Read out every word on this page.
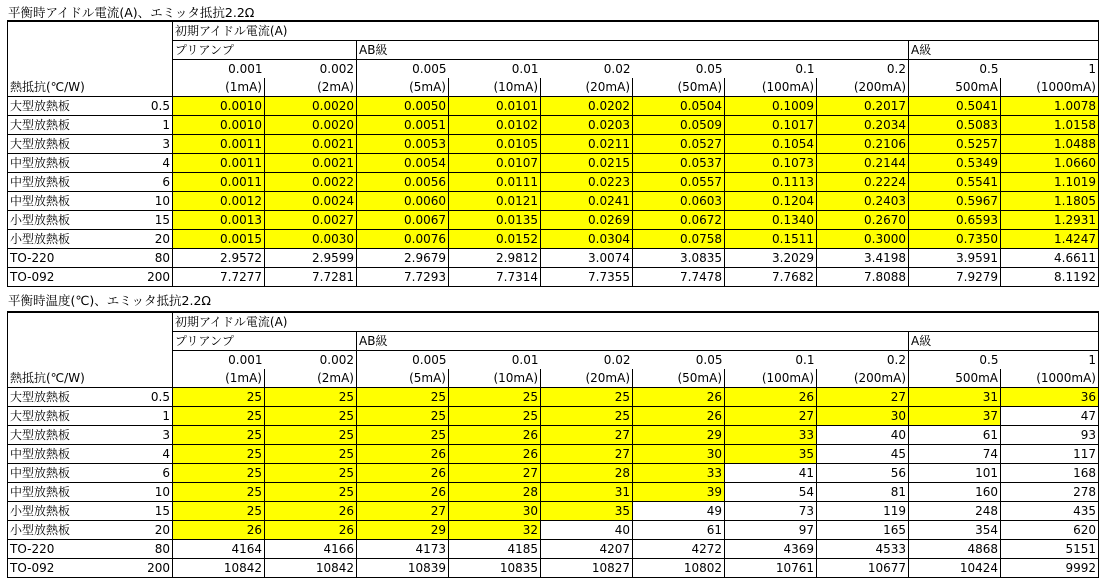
平衡時アイドル電流(A)、エミッタ抵抗2.2Ω
		初期アイドル電流(A)									
		プリアンプ		AB級						A級	
		0.001	0.002	0.005	0.01	0.02	0.05	0.1	0.2	0.5	1
熱抵抗(℃/W)		(1mA)	(2mA)	(5mA)	(10mA)	(20mA)	(50mA)	(100mA)	(200mA)	500mA	(1000mA)
大型放熱板	0.5	0.0010	0.0020	0.0050	0.0101	0.0202	0.0504	0.1009	0.2017	0.5041	1.0078
大型放熱板	1	0.0010	0.0020	0.0051	0.0102	0.0203	0.0509	0.1017	0.2034	0.5083	1.0158
大型放熱板	3	0.0011	0.0021	0.0053	0.0105	0.0211	0.0527	0.1054	0.2106	0.5257	1.0488
中型放熱板	4	0.0011	0.0021	0.0054	0.0107	0.0215	0.0537	0.1073	0.2144	0.5349	1.0660
中型放熱板	6	0.0011	0.0022	0.0056	0.0111	0.0223	0.0557	0.1113	0.2224	0.5541	1.1019
中型放熱板	10	0.0012	0.0024	0.0060	0.0121	0.0241	0.0603	0.1204	0.2403	0.5967	1.1805
小型放熱板	15	0.0013	0.0027	0.0067	0.0135	0.0269	0.0672	0.1340	0.2670	0.6593	1.2931
小型放熱板	20	0.0015	0.0030	0.0076	0.0152	0.0304	0.0758	0.1511	0.3000	0.7350	1.4247
TO-220	80	2.9572	2.9599	2.9679	2.9812	3.0074	3.0835	3.2029	3.4198	3.9591	4.6611
TO-092	200	7.7277	7.7281	7.7293	7.7314	7.7355	7.7478	7.7682	7.8088	7.9279	8.1192
平衡時温度(℃)、エミッタ抵抗2.2Ω
		初期アイドル電流(A)									
		プリアンプ		AB級						A級	
		0.001	0.002	0.005	0.01	0.02	0.05	0.1	0.2	0.5	1
熱抵抗(℃/W)		(1mA)	(2mA)	(5mA)	(10mA)	(20mA)	(50mA)	(100mA)	(200mA)	500mA	(1000mA)
大型放熱板	0.5	25	25	25	25	25	26	26	27	31	36
大型放熱板	1	25	25	25	25	25	26	27	30	37	47
大型放熱板	3	25	25	25	26	27	29	33	40	61	93
中型放熱板	4	25	25	26	26	27	30	35	45	74	117
中型放熱板	6	25	25	26	27	28	33	41	56	101	168
中型放熱板	10	25	25	26	28	31	39	54	81	160	278
小型放熱板	15	25	26	27	30	35	49	73	119	248	435
小型放熱板	20	26	26	29	32	40	61	97	165	354	620
TO-220	80	4164	4166	4173	4185	4207	4272	4369	4533	4868	5151
TO-092	200	10842	10842	10839	10835	10827	10802	10761	10677	10424	9992
